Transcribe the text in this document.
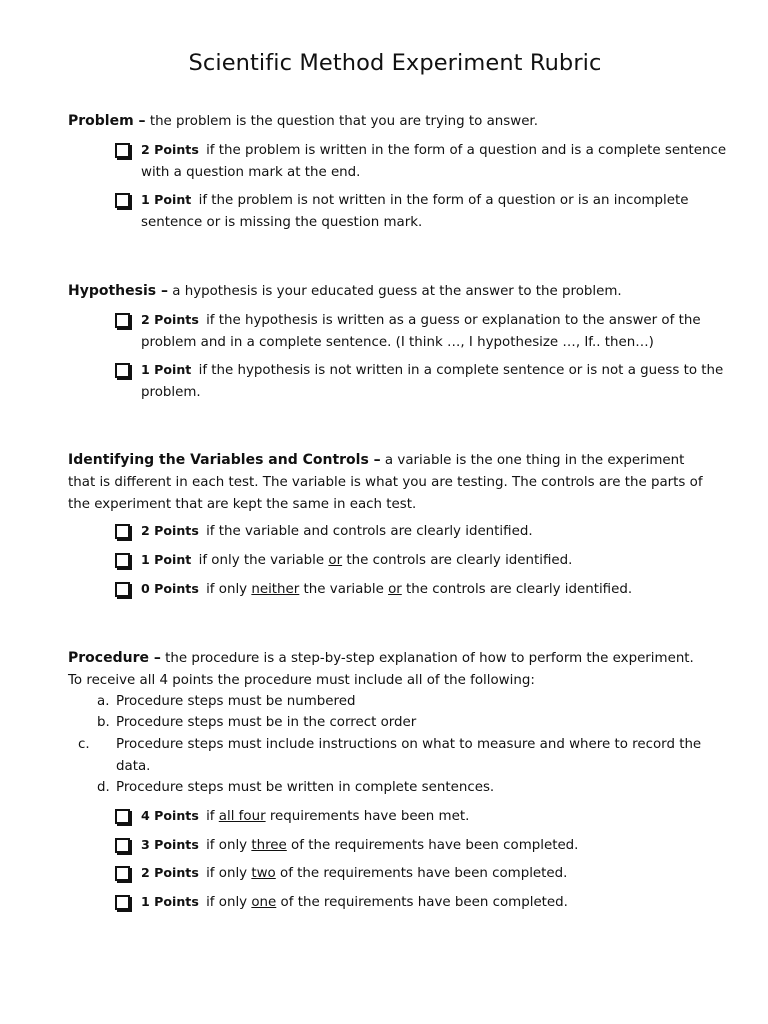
Scientific Method Experiment Rubric
Problem – the problem is the question that you are trying to answer.
2 Points if the problem is written in the form of a question and is a complete sentence with a question mark at the end.
1 Point if the problem is not written in the form of a question or is an incomplete sentence or is missing the question mark.
Hypothesis – a hypothesis is your educated guess at the answer to the problem.
2 Points if the hypothesis is written as a guess or explanation to the answer of the problem and in a complete sentence. (I think …, I hypothesize …, If.. then…)
1 Point if the hypothesis is not written in a complete sentence or is not a guess to the problem.
Identifying the Variables and Controls – a variable is the one thing in the experiment that is different in each test. The variable is what you are testing. The controls are the parts of the experiment that are kept the same in each test.
2 Points if the variable and controls are clearly identified.
1 Point if only the variable or the controls are clearly identified.
0 Points if only neither the variable or the controls are clearly identified.
Procedure – the procedure is a step-by-step explanation of how to perform the experiment. To receive all 4 points the procedure must include all of the following:
a. Procedure steps must be numbered
b. Procedure steps must be in the correct order
c. Procedure steps must include instructions on what to measure and where to record the data.
d. Procedure steps must be written in complete sentences.
4 Points if all four requirements have been met.
3 Points if only three of the requirements have been completed.
2 Points if only two of the requirements have been completed.
1 Points if only one of the requirements have been completed.
